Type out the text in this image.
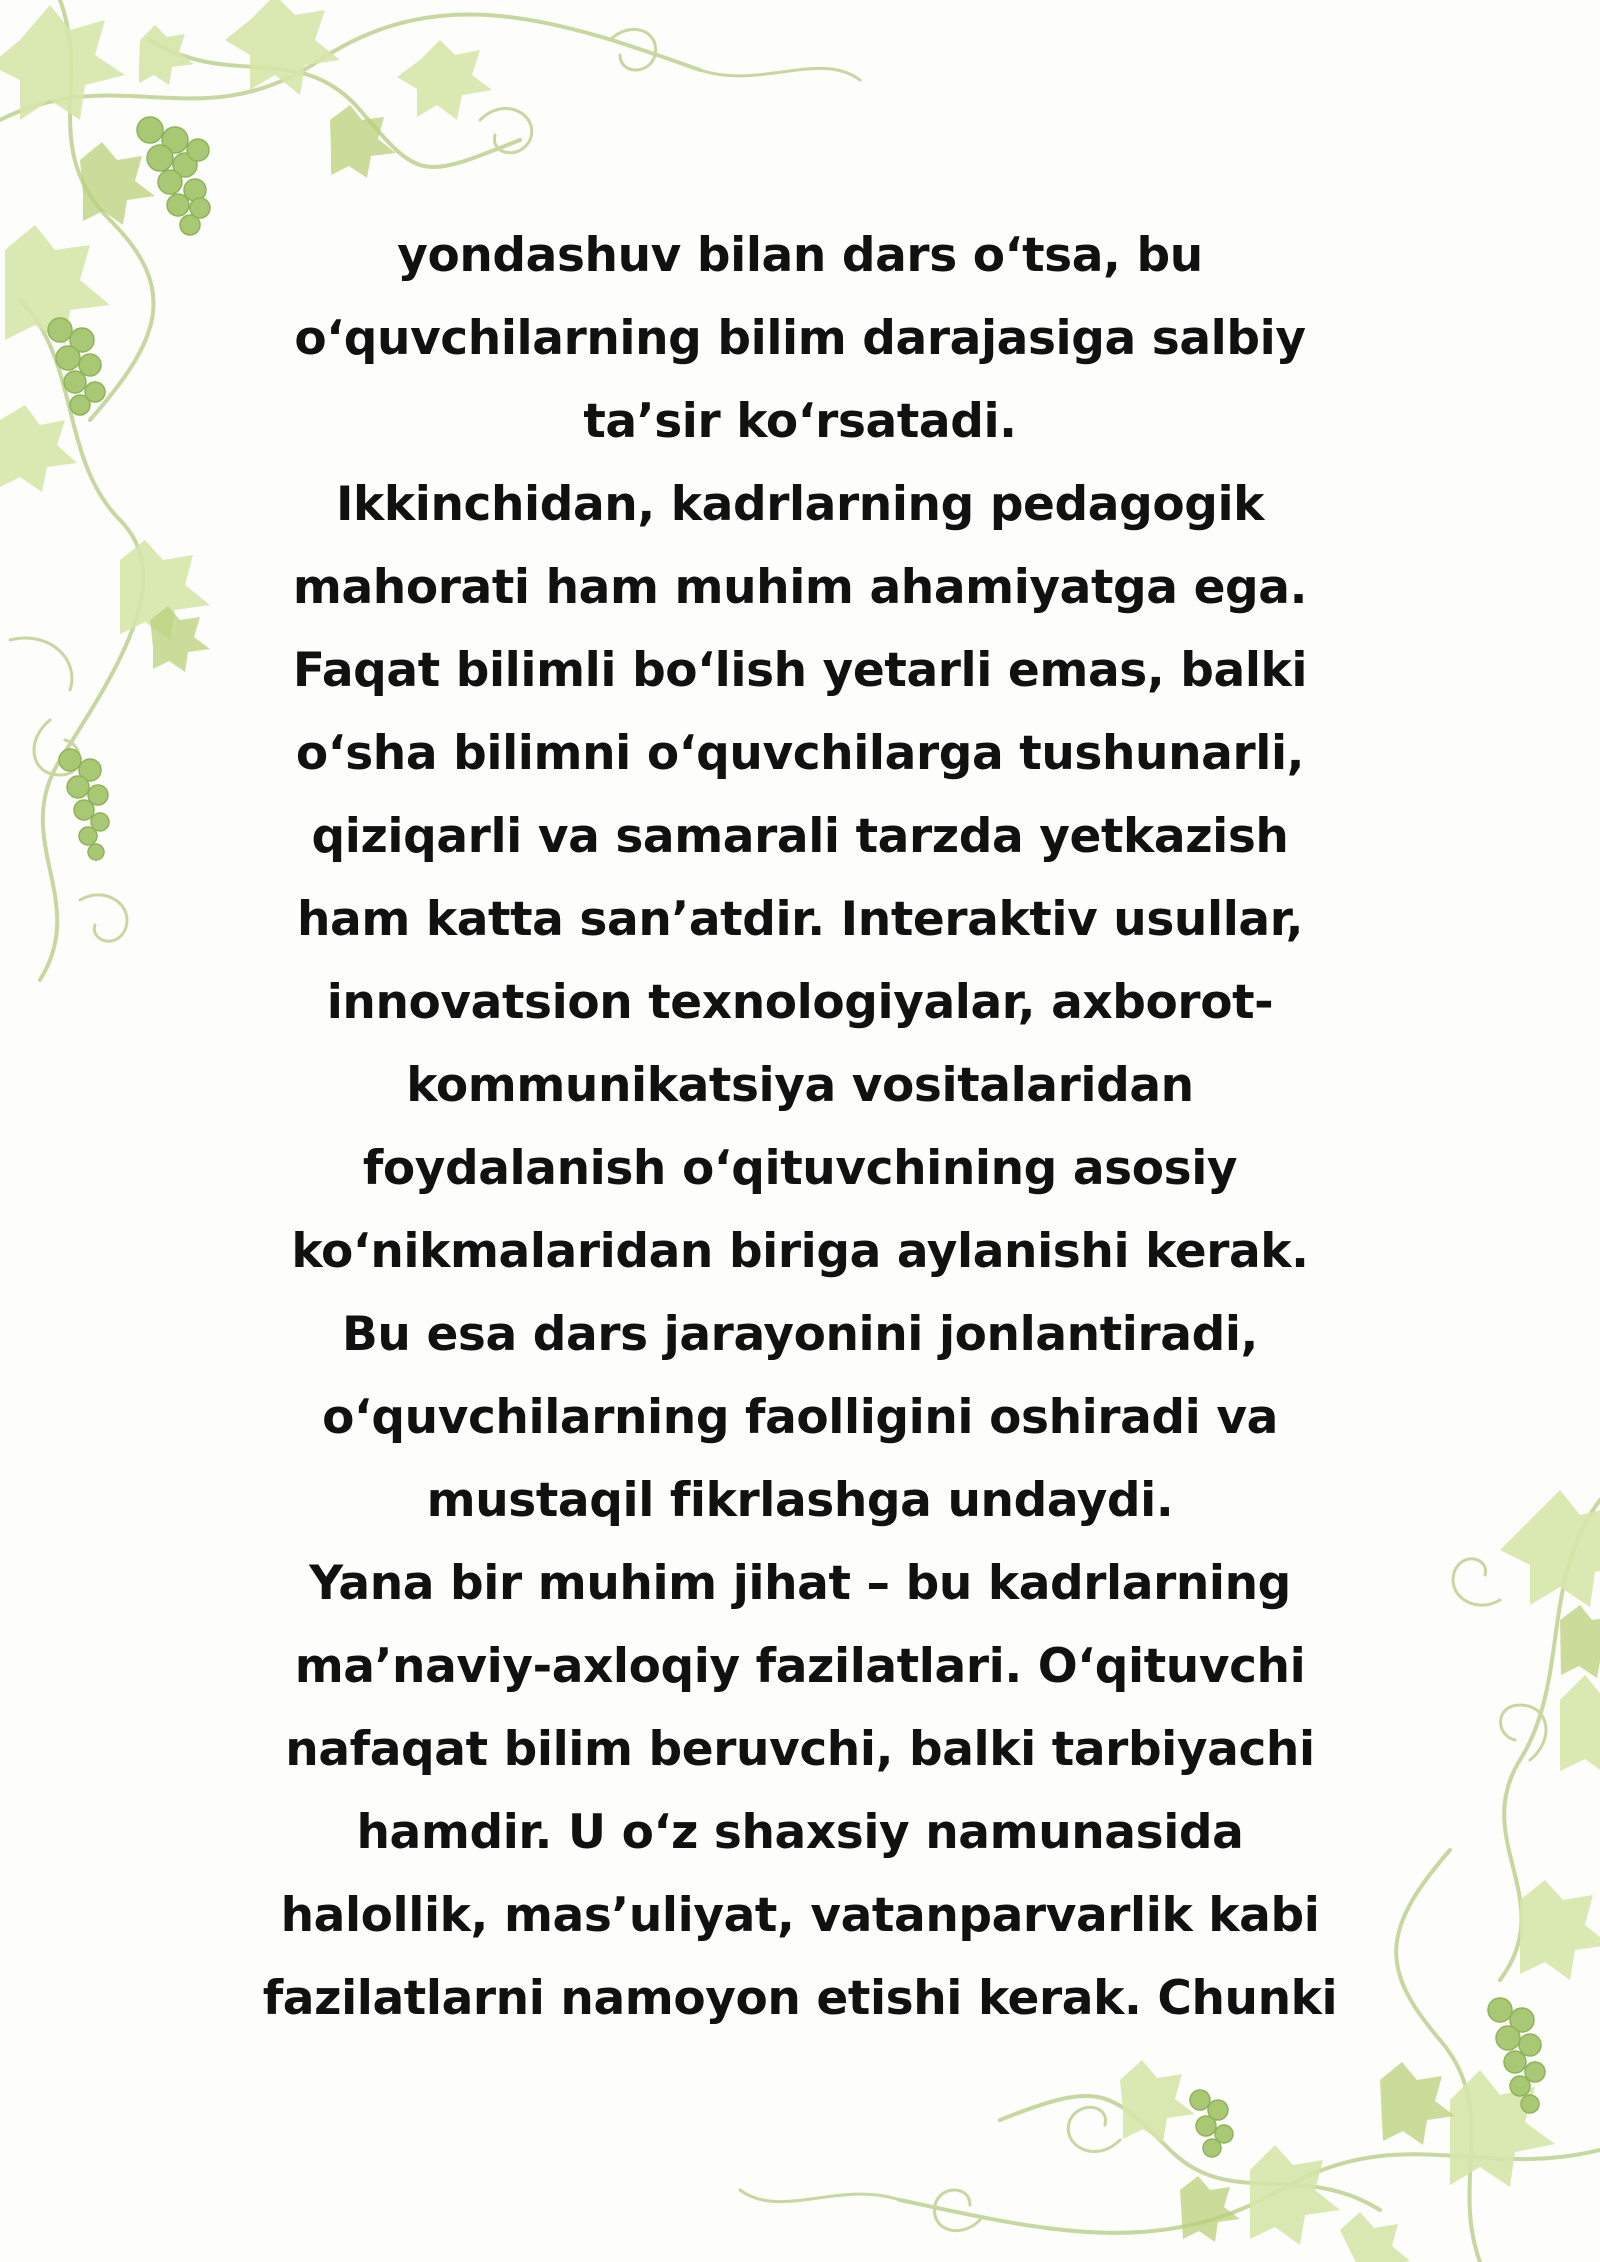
yondashuv bilan dars o‘tsa, bu
o‘quvchilarning bilim darajasiga salbiy
ta’sir ko‘rsatadi.
Ikkinchidan, kadrlarning pedagogik
mahorati ham muhim ahamiyatga ega.
Faqat bilimli bo‘lish yetarli emas, balki
o‘sha bilimni o‘quvchilarga tushunarli,
qiziqarli va samarali tarzda yetkazish
ham katta san’atdir. Interaktiv usullar,
innovatsion texnologiyalar, axborot-
kommunikatsiya vositalaridan
foydalanish o‘qituvchining asosiy
ko‘nikmalaridan biriga aylanishi kerak.
Bu esa dars jarayonini jonlantiradi,
o‘quvchilarning faolligini oshiradi va
mustaqil fikrlashga undaydi.
Yana bir muhim jihat – bu kadrlarning
ma’naviy-axloqiy fazilatlari. O‘qituvchi
nafaqat bilim beruvchi, balki tarbiyachi
hamdir. U o‘z shaxsiy namunasida
halollik, mas’uliyat, vatanparvarlik kabi
fazilatlarni namoyon etishi kerak. Chunki
